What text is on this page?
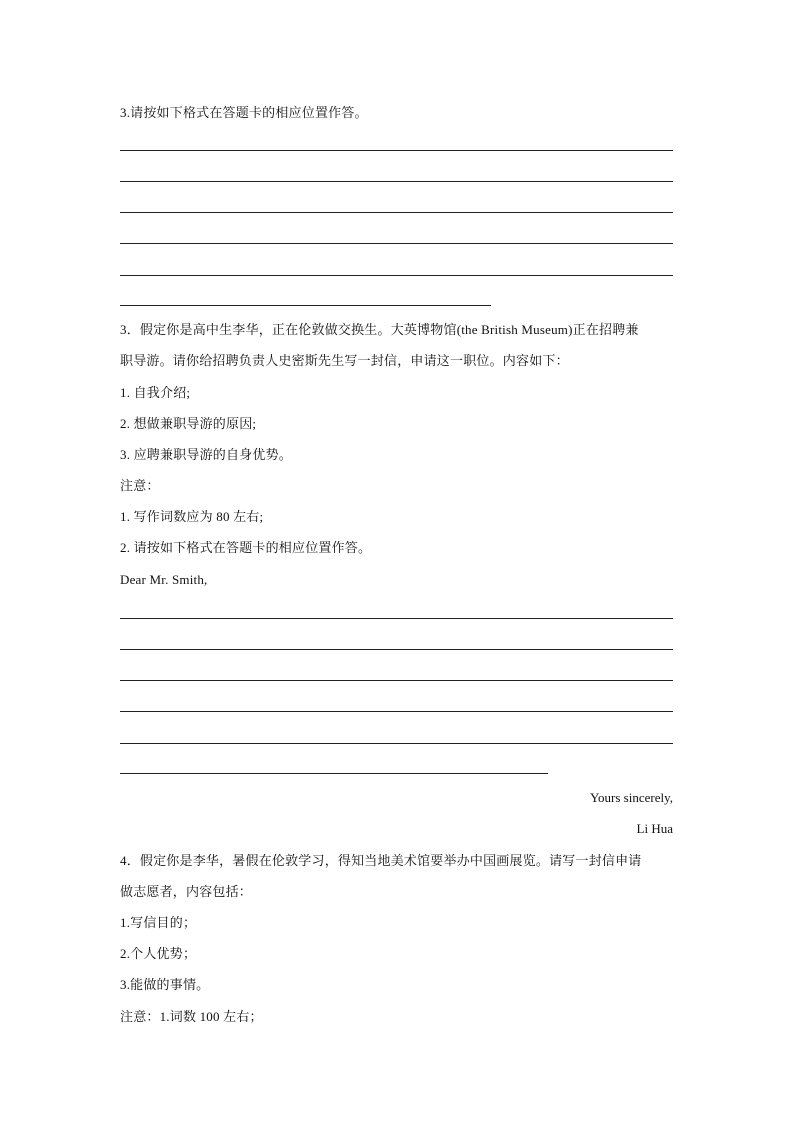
3.请按如下格式在答题卡的相应位置作答。
3．假定你是高中生李华，正在伦敦做交换生。大英博物馆(the British Museum)正在招聘兼
职导游。请你给招聘负责人史密斯先生写一封信，申请这一职位。内容如下：
1. 自我介绍;
2. 想做兼职导游的原因;
3. 应聘兼职导游的自身优势。
注意：
1. 写作词数应为 80 左右;
2. 请按如下格式在答题卡的相应位置作答。
Dear Mr. Smith,
Yours sincerely,
Li Hua
4．假定你是李华，暑假在伦敦学习，得知当地美术馆要举办中国画展览。请写一封信申请
做志愿者，内容包括：
1.写信目的；
2.个人优势；
3.能做的事情。
注意：1.词数 100 左右；
